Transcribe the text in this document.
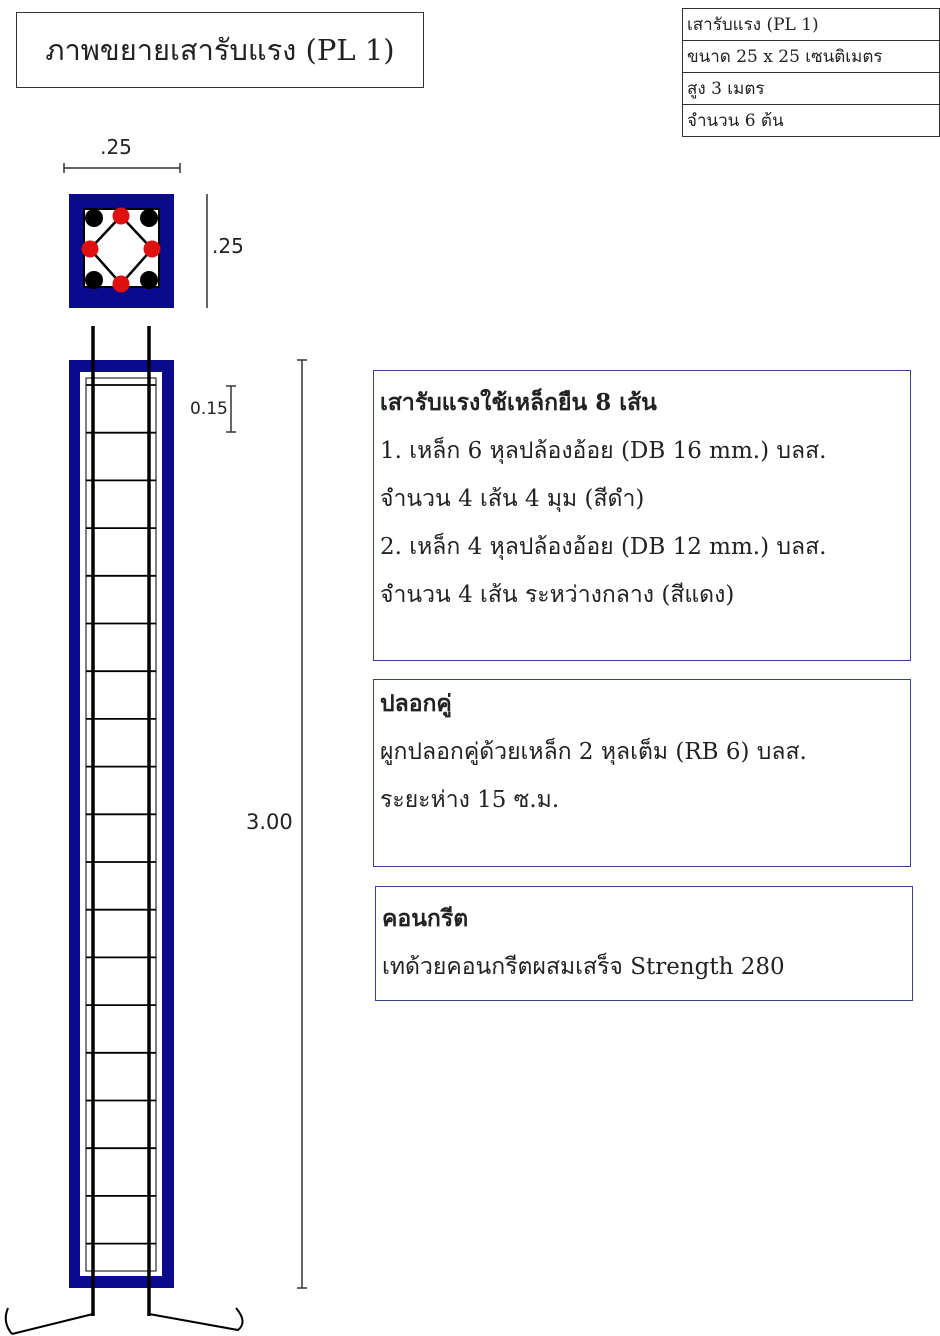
ภาพขยายเสารับแรง (PL 1)
เสารับแรง (PL 1)
ขนาด 25 x 25 เซนติเมตร
สูง 3 เมตร
จำนวน 6 ต้น
.25
.25
0.15
3.00
เสารับแรงใช้เหล็กยืน 8 เส้น
1. เหล็ก 6 หุลปล้องอ้อย (DB 16 mm.) บลส.
จำนวน 4 เส้น 4 มุม (สีดำ)
2. เหล็ก 4 หุลปล้องอ้อย (DB 12 mm.) บลส.
จำนวน 4 เส้น ระหว่างกลาง (สีแดง)
ปลอกคู่
ผูกปลอกคู่ด้วยเหล็ก 2 หุลเต็ม (RB 6) บลส.
ระยะห่าง 15 ซ.ม.
คอนกรีต
เทด้วยคอนกรีตผสมเสร็จ Strength 280
